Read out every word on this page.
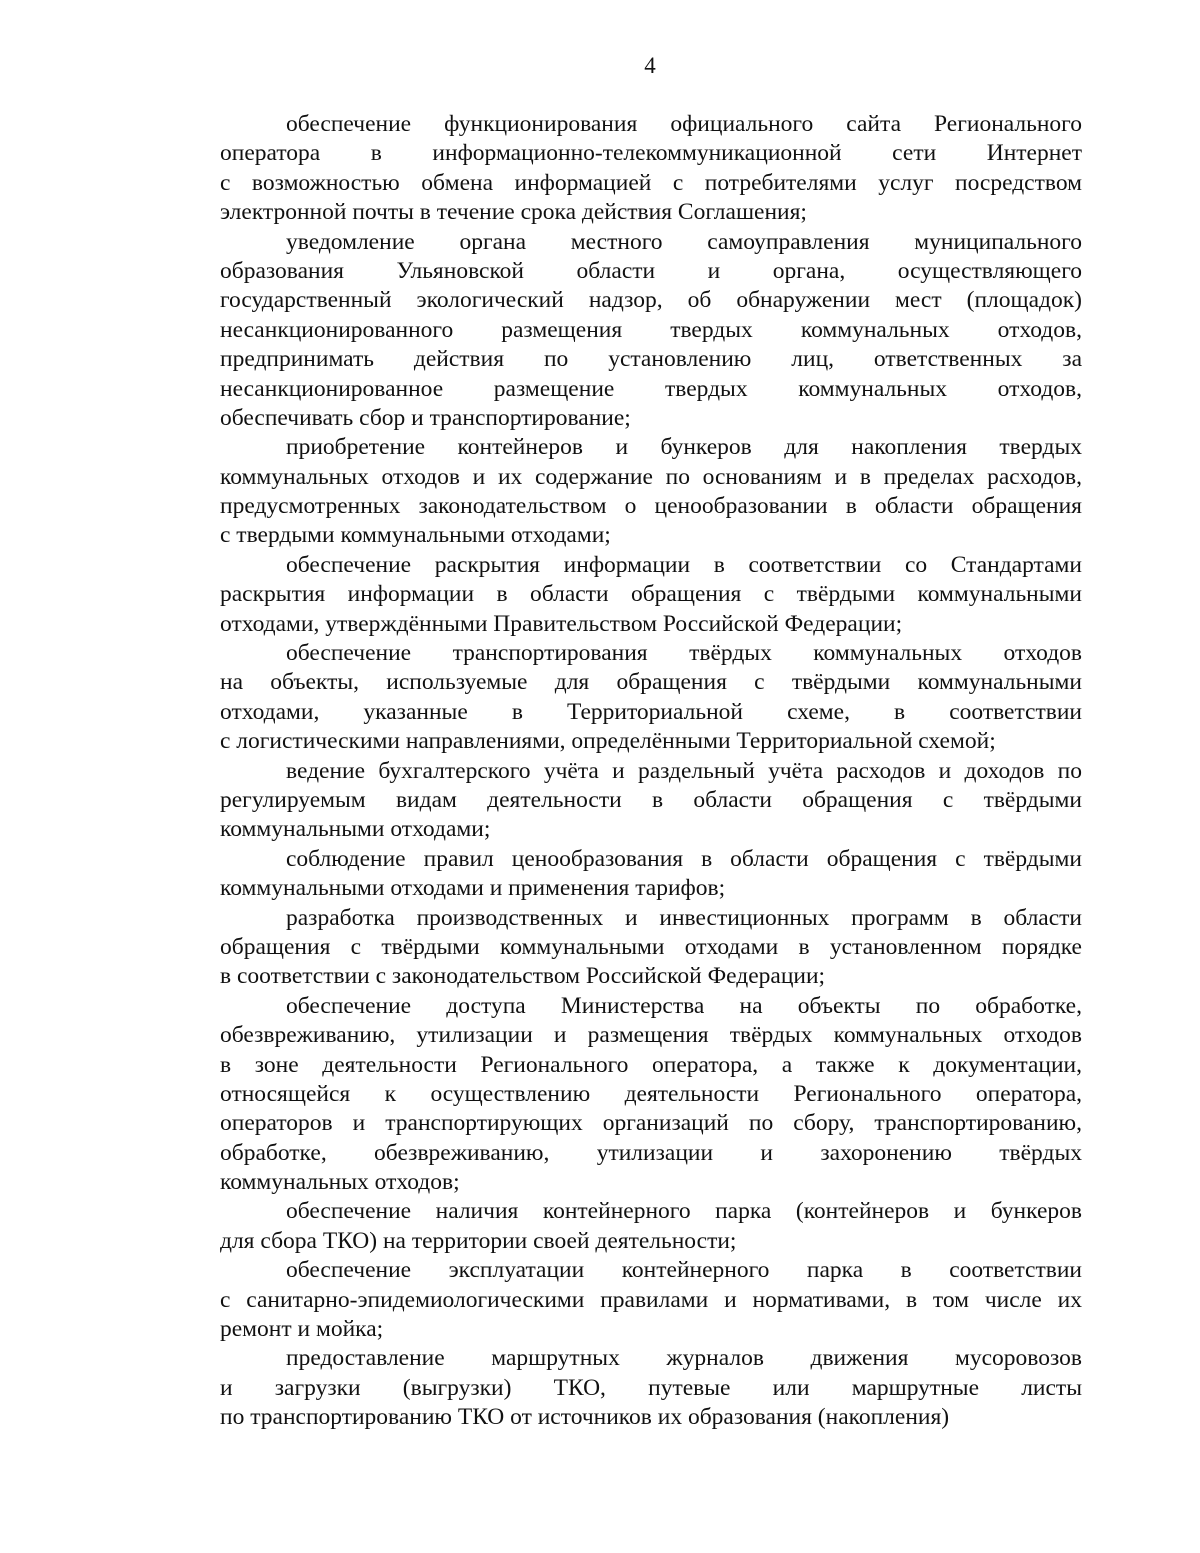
4
обеспечение функционирования официального сайта Регионального
оператора в информационно-телекоммуникационной сети Интернет
с возможностью обмена информацией с потребителями услуг посредством
электронной почты в течение срока действия Соглашения;
уведомление органа местного самоуправления муниципального
образования Ульяновской области и органа, осуществляющего
государственный экологический надзор, об обнаружении мест (площадок)
несанкционированного размещения твердых коммунальных отходов,
предпринимать действия по установлению лиц, ответственных за
несанкционированное размещение твердых коммунальных отходов,
обеспечивать сбор и транспортирование;
приобретение контейнеров и бункеров для накопления твердых
коммунальных отходов и их содержание по основаниям и в пределах расходов,
предусмотренных законодательством о ценообразовании в области обращения
с твердыми коммунальными отходами;
обеспечение раскрытия информации в соответствии со Стандартами
раскрытия информации в области обращения с твёрдыми коммунальными
отходами, утверждёнными Правительством Российской Федерации;
обеспечение транспортирования твёрдых коммунальных отходов
на объекты, используемые для обращения с твёрдыми коммунальными
отходами, указанные в Территориальной схеме, в соответствии
с логистическими направлениями, определёнными Территориальной схемой;
ведение бухгалтерского учёта и раздельный учёта расходов и доходов по
регулируемым видам деятельности в области обращения с твёрдыми
коммунальными отходами;
соблюдение правил ценообразования в области обращения с твёрдыми
коммунальными отходами и применения тарифов;
разработка производственных и инвестиционных программ в области
обращения с твёрдыми коммунальными отходами в установленном порядке
в соответствии с законодательством Российской Федерации;
обеспечение доступа Министерства на объекты по обработке,
обезвреживанию, утилизации и размещения твёрдых коммунальных отходов
в зоне деятельности Регионального оператора, а также к документации,
относящейся к осуществлению деятельности Регионального оператора,
операторов и транспортирующих организаций по сбору, транспортированию,
обработке, обезвреживанию, утилизации и захоронению твёрдых
коммунальных отходов;
обеспечение наличия контейнерного парка (контейнеров и бункеров
для сбора ТКО) на территории своей деятельности;
обеспечение эксплуатации контейнерного парка в соответствии
с санитарно-эпидемиологическими правилами и нормативами, в том числе их
ремонт и мойка;
предоставление маршрутных журналов движения мусоровозов
и загрузки (выгрузки) ТКО, путевые или маршрутные листы
по транспортированию ТКО от источников их образования (накопления)
